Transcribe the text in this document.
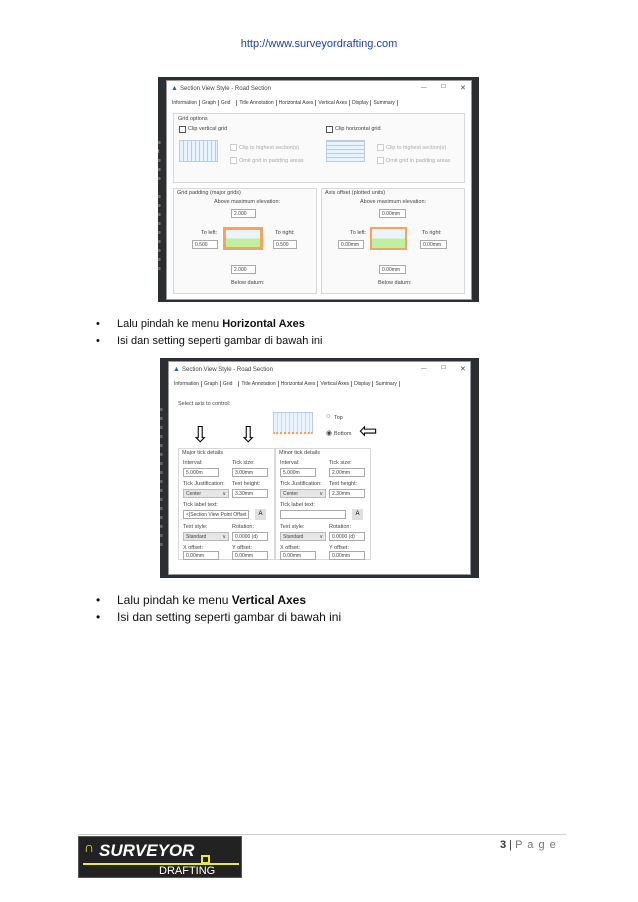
http://www.surveyordrafting.com
≡
t
≡
≡
≡

≡
≡
≡
≡
≡
≡
≡
≡
≡
▲ Section View Style - Road Section	—	☐ ✕
Information	Graph	Grid	Title Annotation	Horizontal Axes	Vertical Axes	Display	Summary
Grid options
Clip vertical grid
Clip to highest section(s)
Omit grid in padding areas
Clip horizontal grid
Clip to highest section(s)
Omit grid in padding areas
Grid padding (major grids)
Above maximum elevation:
2.000
To left:
0.500
To right:
0.500
2.000
Below datum:
Axis offset (plotted units)
Above maximum elevation:
0.00mm
To left:
0.00mm
To right:
0.00mm
0.00mm
Below datum:
• Lalu pindah ke menu Horizontal Axes
• Isi dan setting seperti gambar di bawah ini
≡
≡
≡
≡
≡
≡
≡
≡
≡
≡
≡
≡
≡
≡
≡
≡
▲ Section View Style - Road Section	—	☐ ✕
Information	Graph	Grid	Title Annotation	Horizontal Axes	Vertical Axes	Display	Summary
Select axis to control:
○ Top
◉ Bottom ⇦
⇩ ⇩
Major tick details
Interval:
5.000m
Tick size:
3.00mm
Tick Justification:
Center	∨
Text height:
3.30mm
Tick label text:
<[Section View Point Offset	A
Text style:
Standard	∨
Rotation:
0.0000 (d)
X offset:
0.00mm
Y offset:
0.00mm
Minor tick details
Interval:
5.000m
Tick size:
2.00mm
Tick Justification:
Center	∨
Text height:
2.30mm
Tick label text:
A
Text style:
Standard	∨
Rotation:
0.0000 (d)
X offset:
0.00mm
Y offset:
0.00mm
• Lalu pindah ke menu Vertical Axes
• Isi dan setting seperti gambar di bawah ini
∩ SURVEYOR
DRAFTING
3 | P a g e
